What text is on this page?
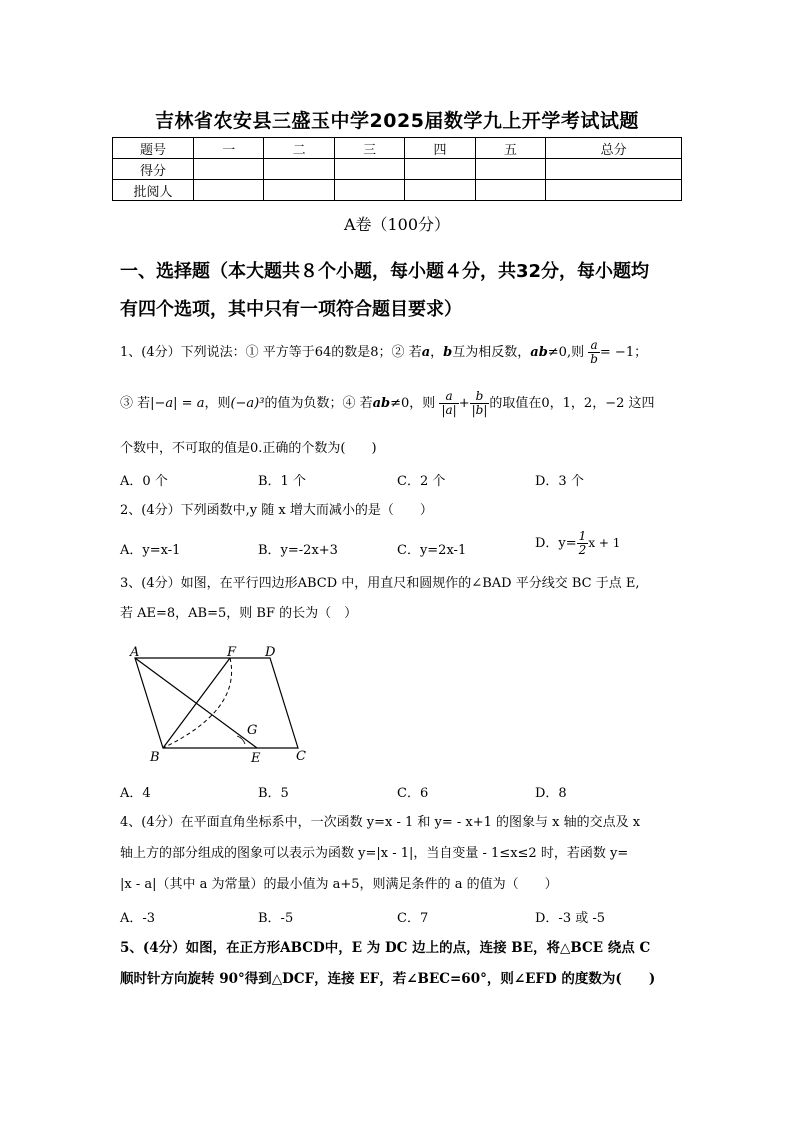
吉林省农安县三盛玉中学2025届数学九上开学考试试题
题号	一	二	三	四	五	总分
得分						
批阅人						
A卷（100分）
一、选择题（本大题共８个小题，每小题４分，共32分，每小题均
有四个选项，其中只有一项符合题目要求）
1、(4分）下列说法：① 平方等于64的数是8；② 若a，b互为相反数，ab≠0,则 $\frac{a}{b} = -1$；
③ 若|−a| = a，则(−a)³的值为负数；④ 若ab≠0，则 $\frac{a}{|a|} + \frac{b}{|b|}$ 的取值在0，1，2，−2 这四
个数中，不可取的值是0.正确的个数为(　　)
A．0 个	B．1 个	C．2 个	D．3 个
2、(4分）下列函数中,y 随 x 增大而减小的是（　　）
A．y=x-1	B．y=-2x+3	C．y=2x-1	D．$y= \frac{1}{2}$ x + 1
3、(4分）如图，在平行四边形ABCD 中，用直尺和圆规作的∠BAD 平分线交 BC 于点 E,
若 AE=8，AB=5，则 BF 的长为（　）
A	F D
G
B	E	C
A．4	B．5	C．6	D．8
4、(4分）在平面直角坐标系中，一次函数 y=x - 1 和 y= - x+1 的图象与 x 轴的交点及 x
轴上方的部分组成的图象可以表示为函数 y=|x - 1|，当自变量 - 1≤x≤2 时，若函数 y=
|x - a|（其中 a 为常量）的最小值为 a+5，则满足条件的 a 的值为（　　）
A．-3	B．-5	C．7	D．-3 或 -5
5、(4分）如图，在正方形ABCD中，E 为 DC 边上的点，连接 BE，将△BCE 绕点 C
顺时针方向旋转 90°得到△DCF，连接 EF，若∠BEC=60°，则∠EFD 的度数为(　　)
